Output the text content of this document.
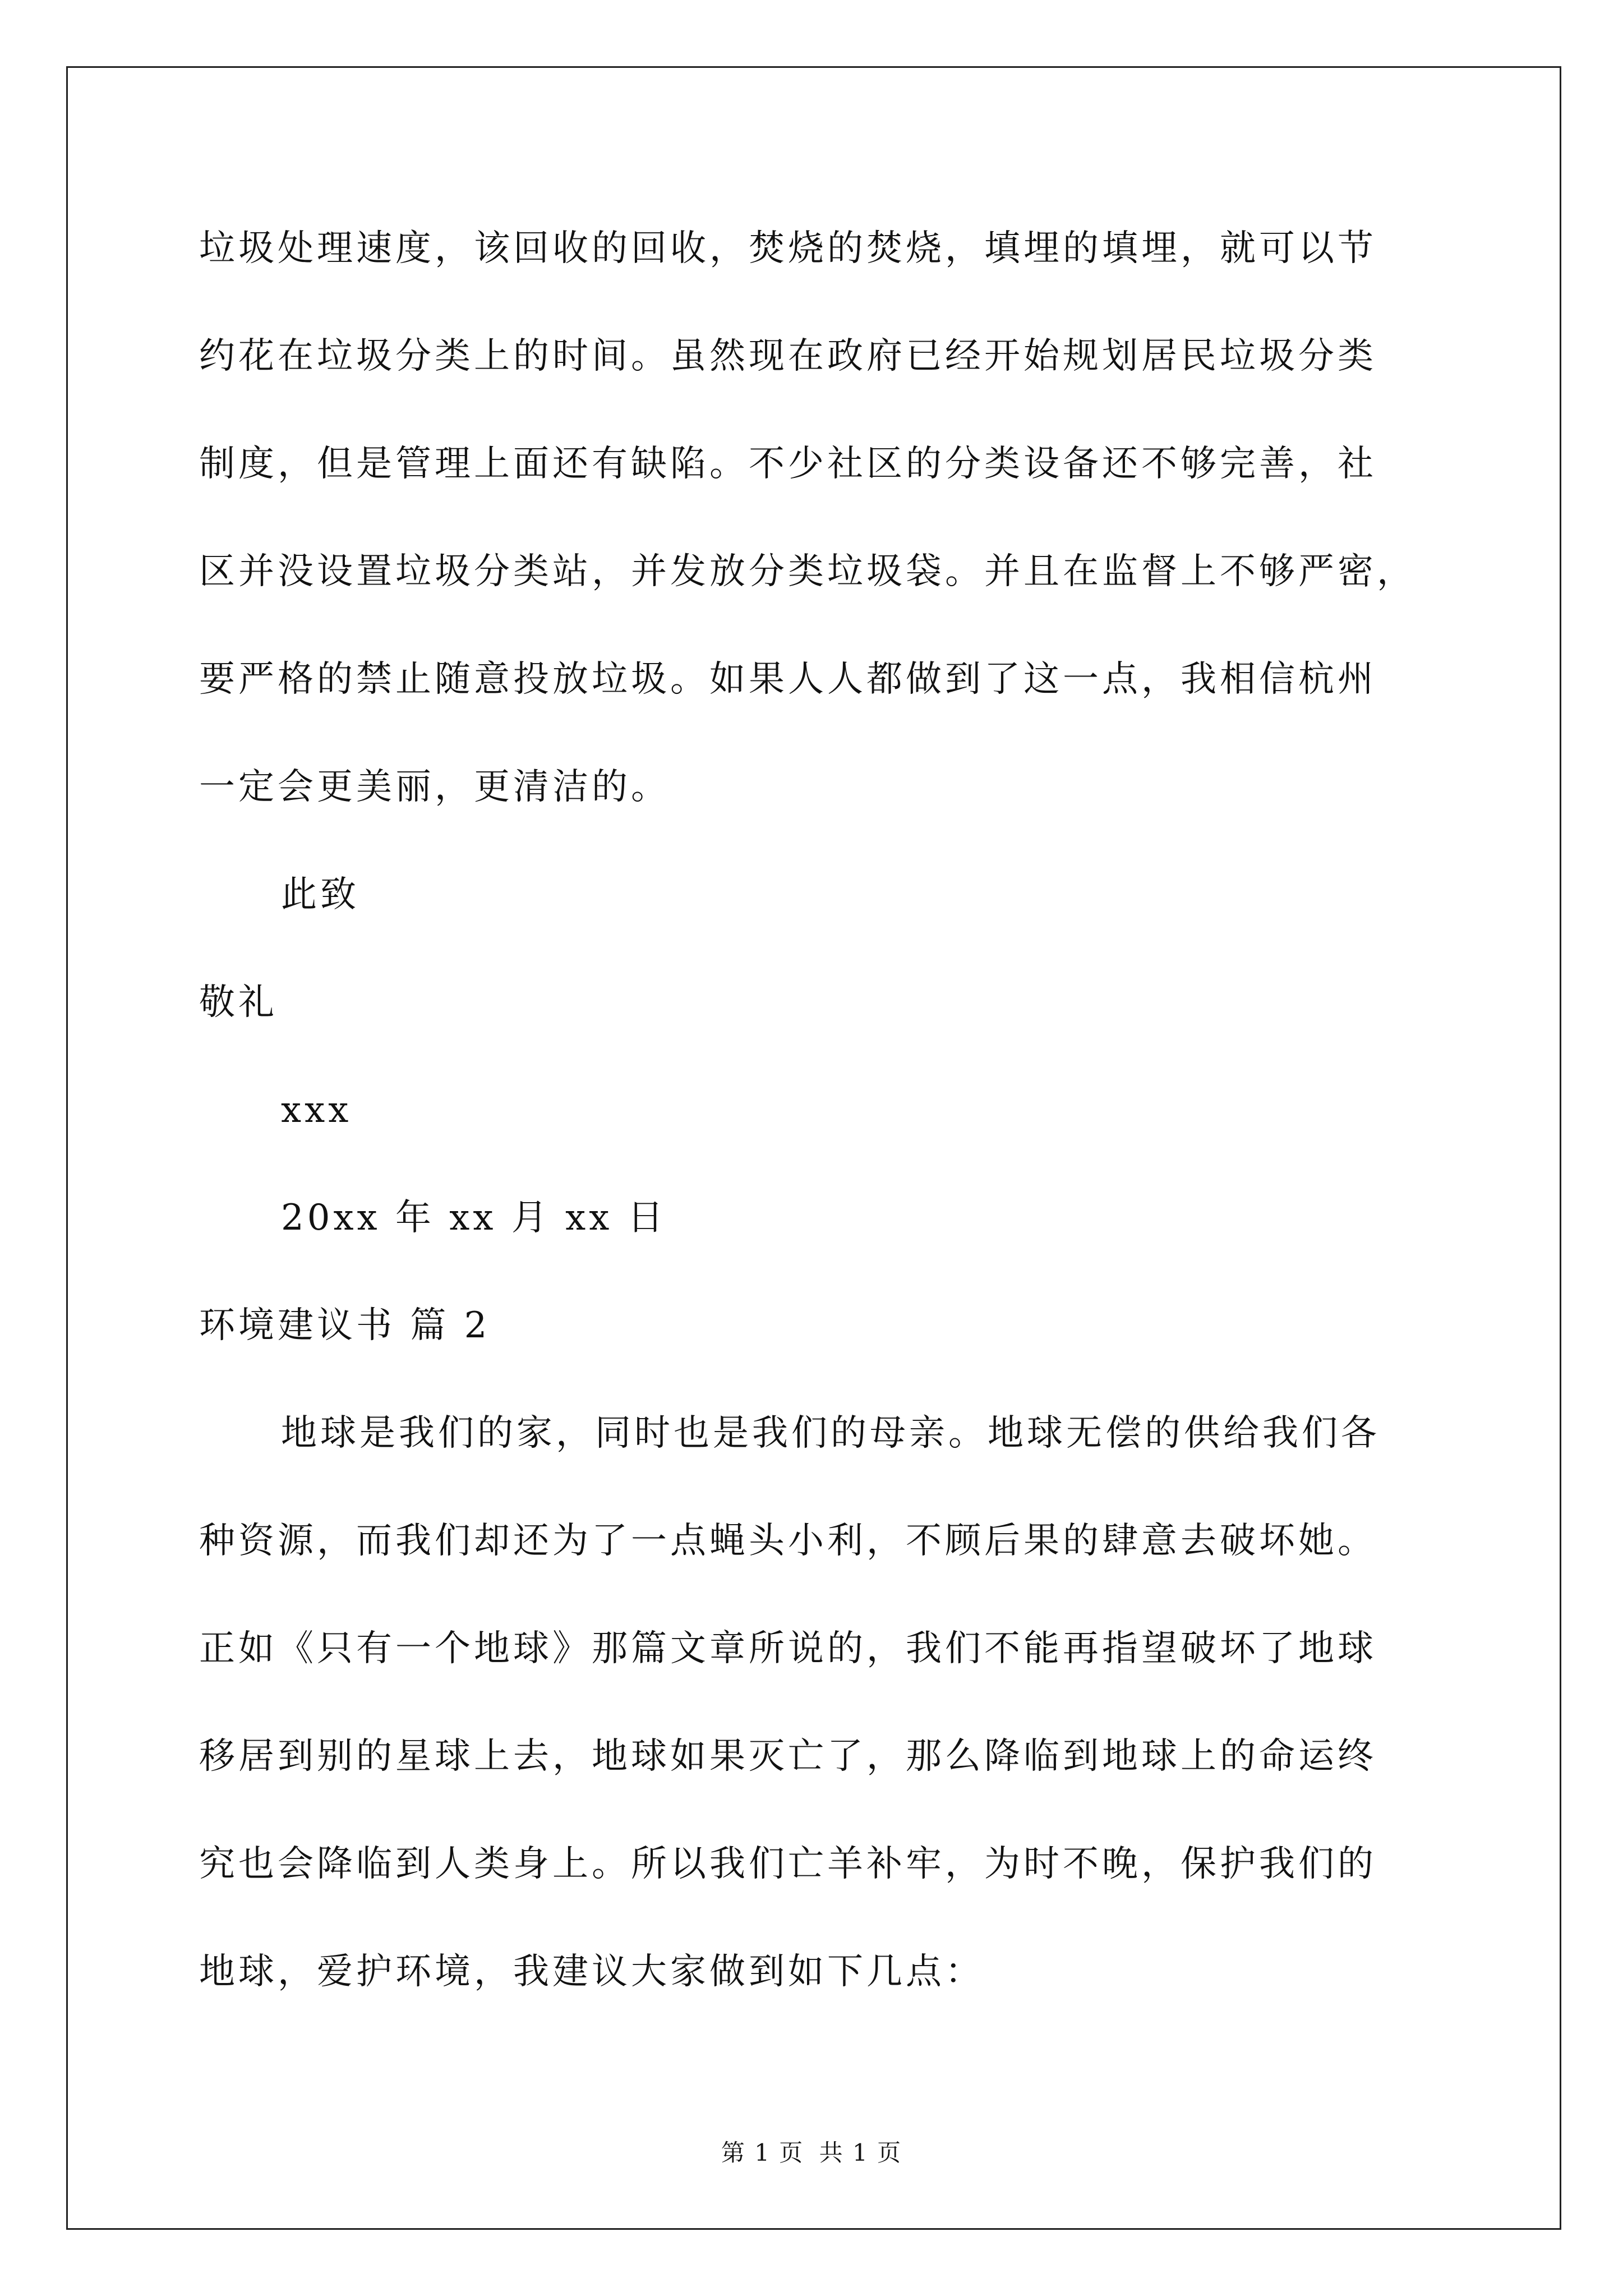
垃圾处理速度，该回收的回收，焚烧的焚烧，填埋的填埋，就可以节
约花在垃圾分类上的时间。虽然现在政府已经开始规划居民垃圾分类
制度，但是管理上面还有缺陷。不少社区的分类设备还不够完善，社
区并没设置垃圾分类站，并发放分类垃圾袋。并且在监督上不够严密，
要严格的禁止随意投放垃圾。如果人人都做到了这一点，我相信杭州
一定会更美丽，更清洁的。
此致
敬礼
xxx
20xx 年 xx 月 xx 日
环境建议书 篇 2
地球是我们的家，同时也是我们的母亲。地球无偿的供给我们各
种资源，而我们却还为了一点蝇头小利，不顾后果的肆意去破坏她。
正如《只有一个地球》那篇文章所说的，我们不能再指望破坏了地球
移居到别的星球上去，地球如果灭亡了，那么降临到地球上的命运终
究也会降临到人类身上。所以我们亡羊补牢，为时不晚，保护我们的
地球，爱护环境，我建议大家做到如下几点：
第 1 页 共 1 页
